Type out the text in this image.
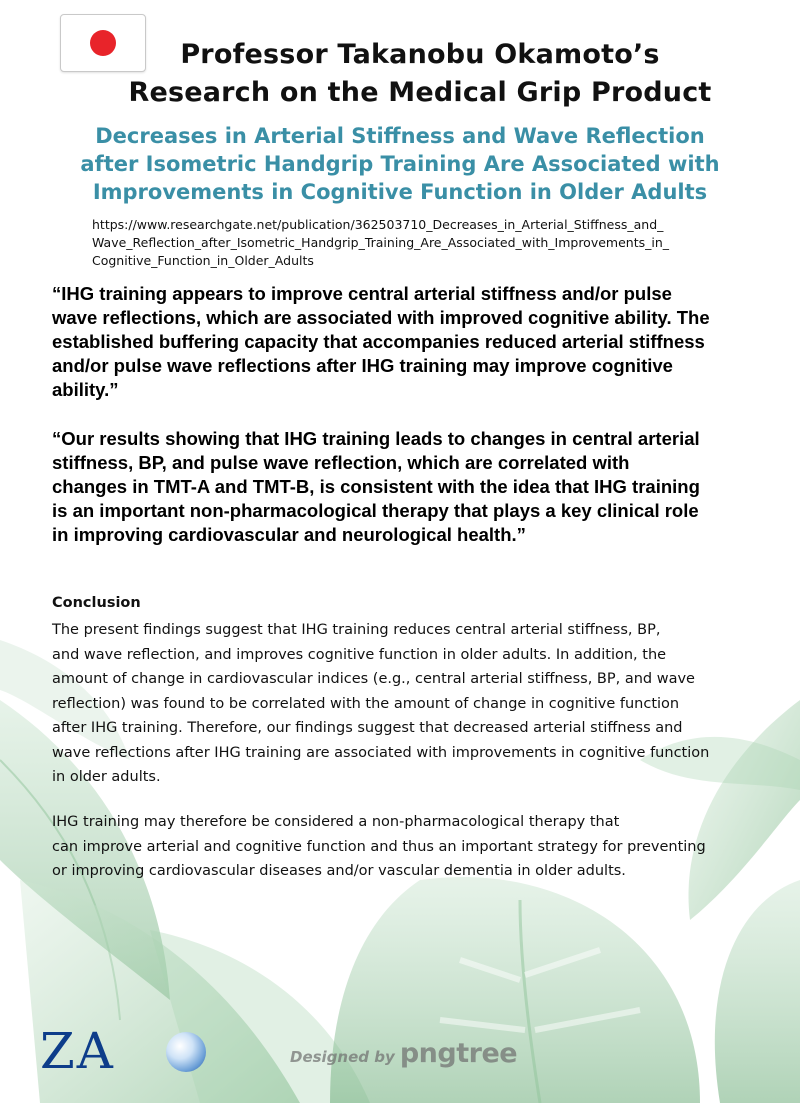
Professor Takanobu Okamoto’s
Research on the Medical Grip Product
Decreases in Arterial Stiffness and Wave Reflection
after Isometric Handgrip Training Are Associated with
Improvements in Cognitive Function in Older Adults
https://www.researchgate.net/publication/362503710_Decreases_in_Arterial_Stiffness_and_
Wave_Reflection_after_Isometric_Handgrip_Training_Are_Associated_with_Improvements_in_
Cognitive_Function_in_Older_Adults
“IHG training appears to improve central arterial stiffness and/or pulse
wave reflections, which are associated with improved cognitive ability. The
established buffering capacity that accompanies reduced arterial stiffness
and/or pulse wave reflections after IHG training may improve cognitive
ability.”
“Our results showing that IHG training leads to changes in central arterial
stiffness, BP, and pulse wave reflection, which are correlated with
changes in TMT-A and TMT-B, is consistent with the idea that IHG training
is an important non-pharmacological therapy that plays a key clinical role
in improving cardiovascular and neurological health.”
Conclusion
The present findings suggest that IHG training reduces central arterial stiffness, BP,
and wave reflection, and improves cognitive function in older adults. In addition, the
amount of change in cardiovascular indices (e.g., central arterial stiffness, BP, and wave
reflection) was found to be correlated with the amount of change in cognitive function
after IHG training. Therefore, our findings suggest that decreased arterial stiffness and
wave reflections after IHG training are associated with improvements in cognitive function
in older adults.
IHG training may therefore be considered a non-pharmacological therapy that
can improve arterial and cognitive function and thus an important strategy for preventing
or improving cardiovascular diseases and/or vascular dementia in older adults.
ZA	Designed by pngtree
